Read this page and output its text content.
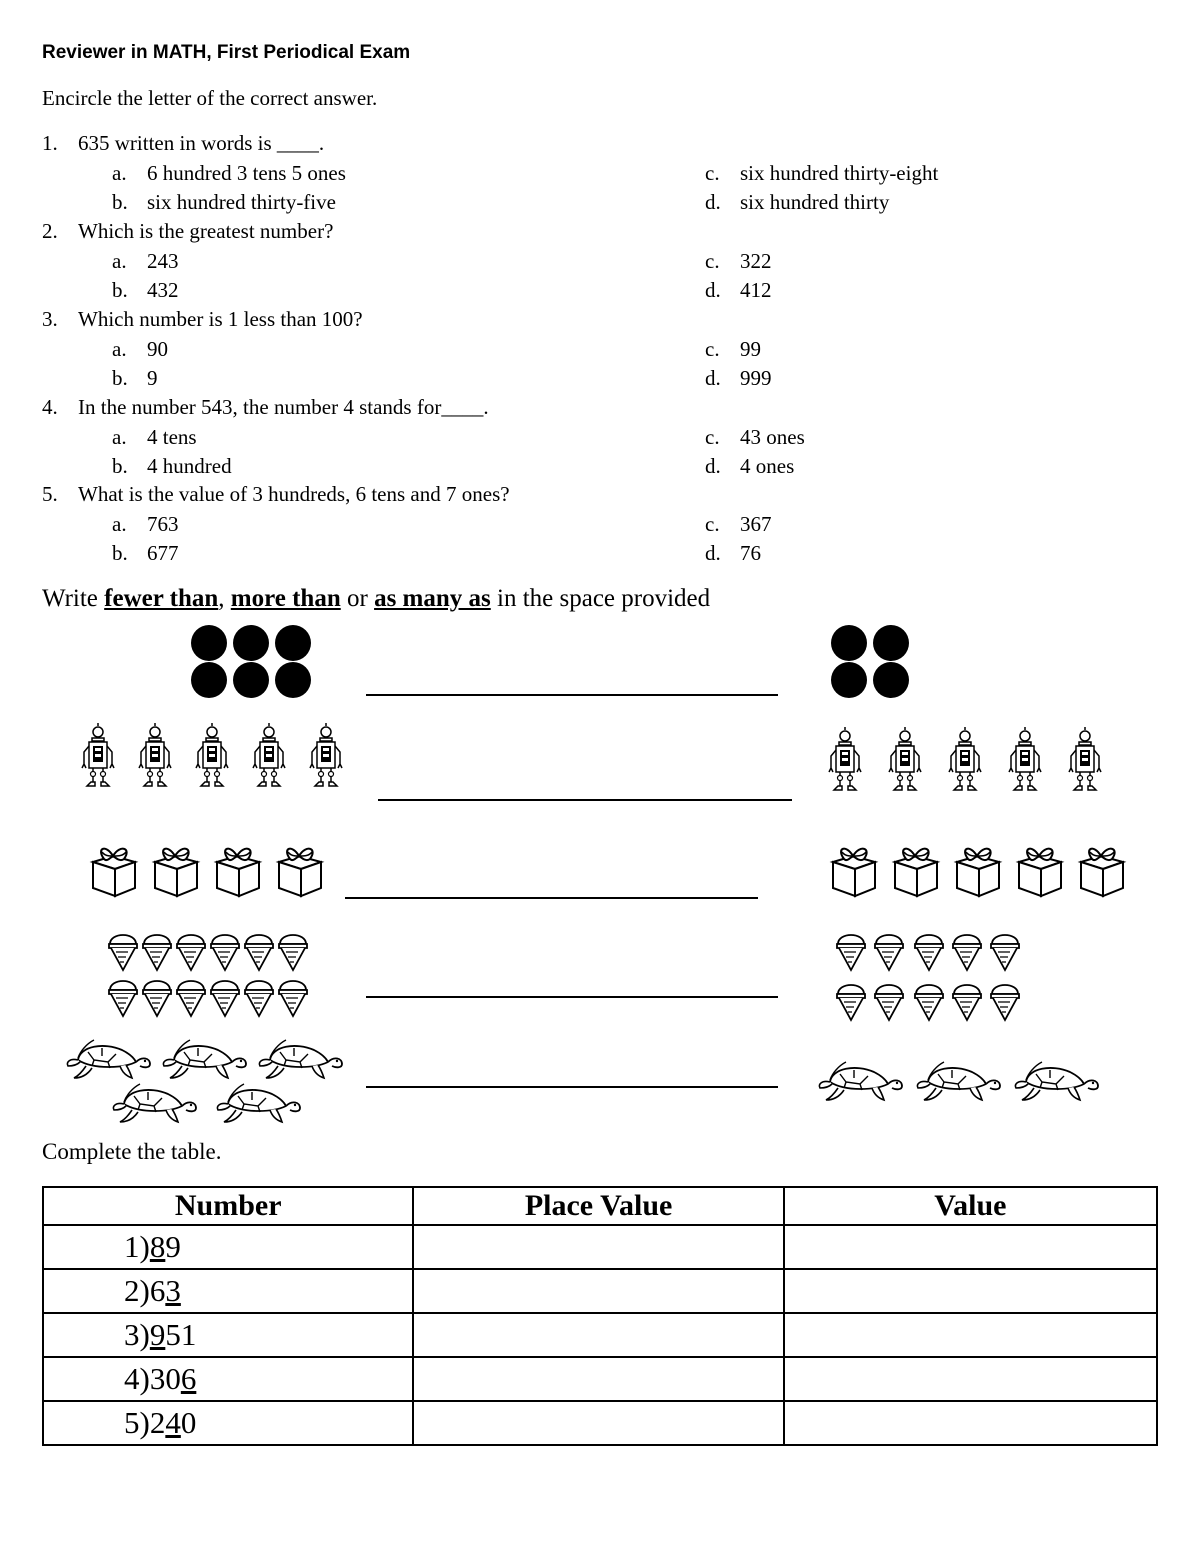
Reviewer in MATH, First Periodical Exam
Encircle the letter of the correct answer.
1. 635 written in words is ____.
a. 6 hundred 3 tens 5 ones
b. six hundred thirty-five
c. six hundred thirty-eight
d. six hundred thirty
2. Which is the greatest number?
a. 243
b. 432
c. 322
d. 412
3. Which number is 1 less than 100?
a. 90
b. 9
c. 99
d. 999
4. In the number 543, the number 4 stands for____.
a. 4 tens
b. 4 hundred
c. 43 ones
d. 4 ones
5. What is the value of 3 hundreds, 6 tens and 7 ones?
a. 763
b. 677
c. 367
d. 76
Write fewer than, more than or as many as in the space provided
Complete the table.
Number	Place Value	Value
1)89		
2)63		
3)951		
4)306		
5)240		
